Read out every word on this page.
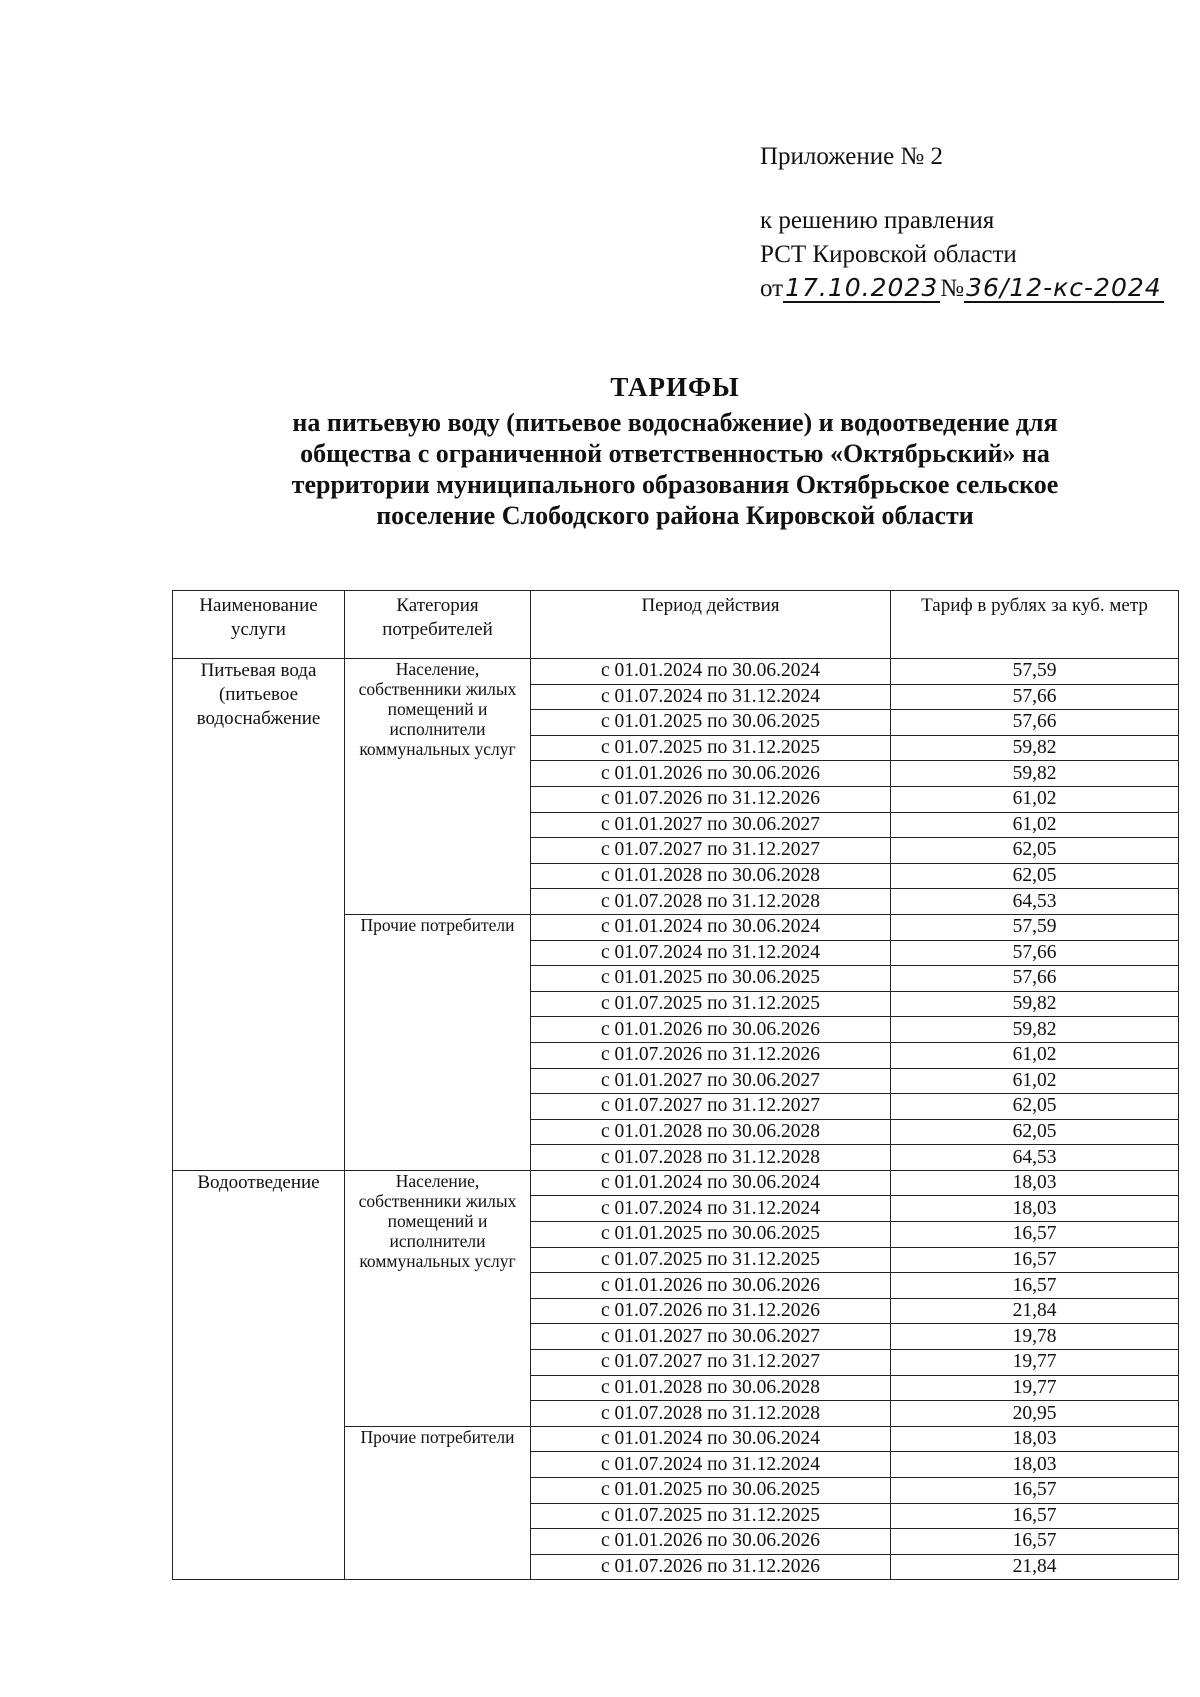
Приложение № 2
к решению правления
РСТ Кировской области
от17.10.2023№36/12-кс-2024
ТАРИФЫ
на питьевую воду (питьевое водоснабжение) и водоотведение для
общества с ограниченной ответственностью «Октябрьский» на
территории муниципального образования Октябрьское сельское
поселение Слободского района Кировской области
Наименование услуги	Категория потребителей	Период действия	Тариф в рублях за куб. метр
Питьевая вода (питьевое водоснабжение	Население, собственники жилых помещений и исполнители коммунальных услуг	с 01.01.2024 по 30.06.2024	57,59
		с 01.07.2024 по 31.12.2024	57,66
		с 01.01.2025 по 30.06.2025	57,66
		с 01.07.2025 по 31.12.2025	59,82
		с 01.01.2026 по 30.06.2026	59,82
		с 01.07.2026 по 31.12.2026	61,02
		с 01.01.2027 по 30.06.2027	61,02
		с 01.07.2027 по 31.12.2027	62,05
		с 01.01.2028 по 30.06.2028	62,05
		с 01.07.2028 по 31.12.2028	64,53
	Прочие потребители	с 01.01.2024 по 30.06.2024	57,59
		с 01.07.2024 по 31.12.2024	57,66
		с 01.01.2025 по 30.06.2025	57,66
		с 01.07.2025 по 31.12.2025	59,82
		с 01.01.2026 по 30.06.2026	59,82
		с 01.07.2026 по 31.12.2026	61,02
		с 01.01.2027 по 30.06.2027	61,02
		с 01.07.2027 по 31.12.2027	62,05
		с 01.01.2028 по 30.06.2028	62,05
		с 01.07.2028 по 31.12.2028	64,53
Водоотведение	Население, собственники жилых помещений и исполнители коммунальных услуг	с 01.01.2024 по 30.06.2024	18,03
		с 01.07.2024 по 31.12.2024	18,03
		с 01.01.2025 по 30.06.2025	16,57
		с 01.07.2025 по 31.12.2025	16,57
		с 01.01.2026 по 30.06.2026	16,57
		с 01.07.2026 по 31.12.2026	21,84
		с 01.01.2027 по 30.06.2027	19,78
		с 01.07.2027 по 31.12.2027	19,77
		с 01.01.2028 по 30.06.2028	19,77
		с 01.07.2028 по 31.12.2028	20,95
	Прочие потребители	с 01.01.2024 по 30.06.2024	18,03
		с 01.07.2024 по 31.12.2024	18,03
		с 01.01.2025 по 30.06.2025	16,57
		с 01.07.2025 по 31.12.2025	16,57
		с 01.01.2026 по 30.06.2026	16,57
		с 01.07.2026 по 31.12.2026	21,84
